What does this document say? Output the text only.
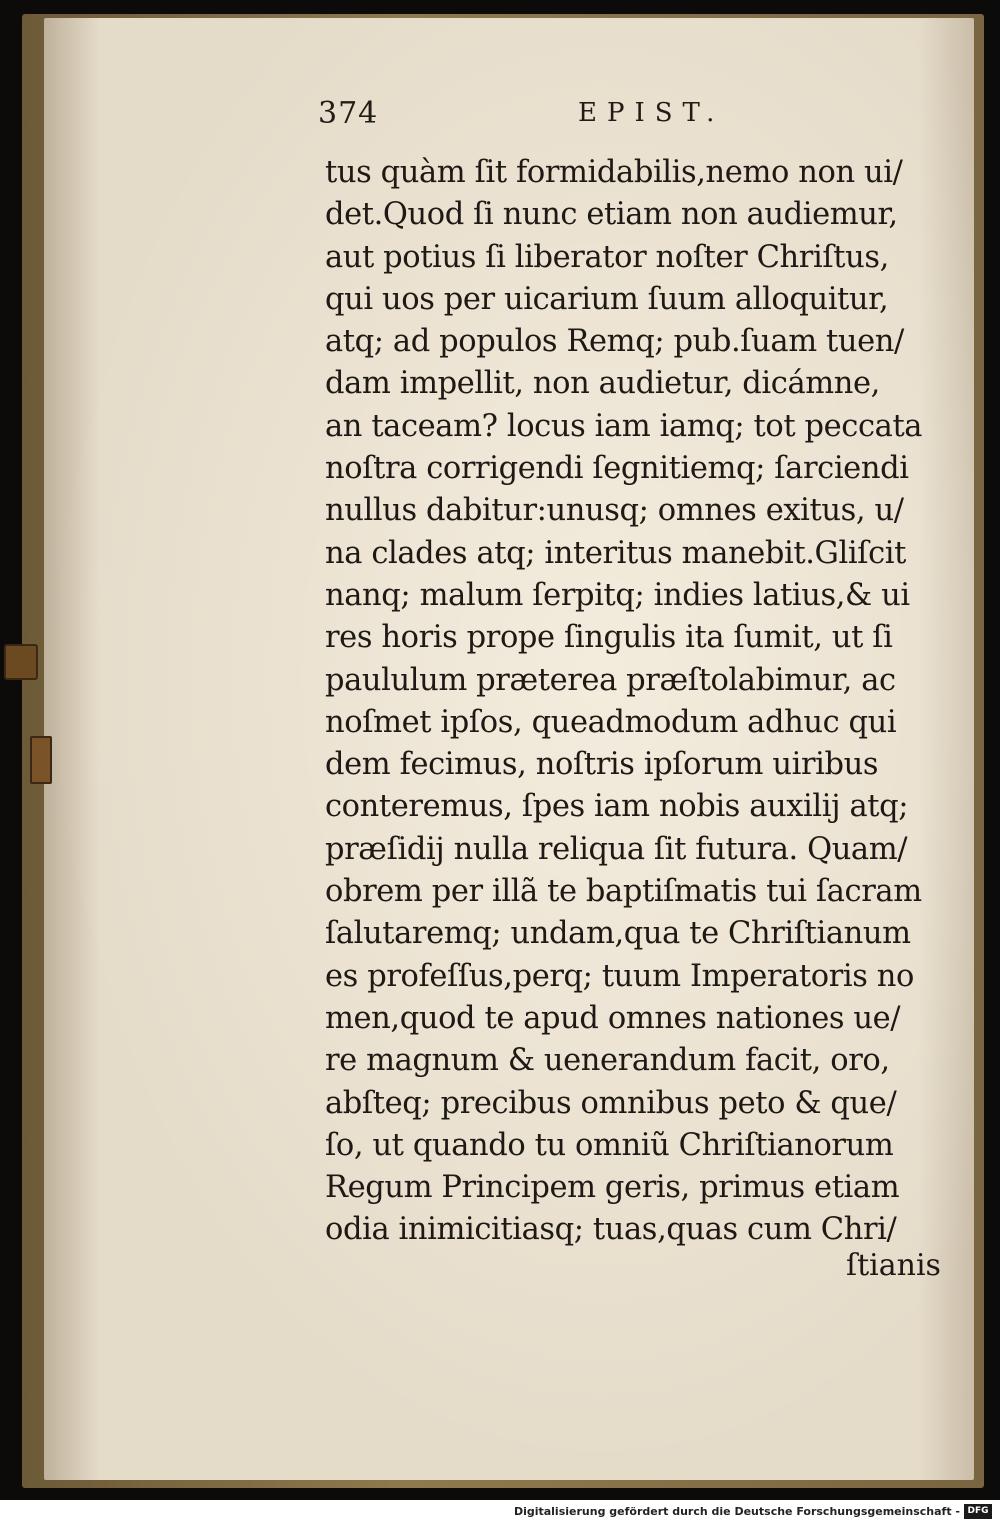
374	EPIST.
tus quàm ſit formidabilis,nemo non ui/
det.Quod ſi nunc etiam non audiemur,
aut potius ſi liberator noſter Chriſtus,
qui uos per uicarium ſuum alloquitur,
atq; ad populos Remq; pub.ſuam tuen/
dam impellit, non audietur, dicámne,
an taceam? locus iam iamq; tot peccata
noſtra corrigendi ſegnitiemq; ſarciendi
nullus dabitur:unusq; omnes exitus, u/
na clades atq; interitus manebit.Gliſcit
nanq; malum ſerpitq; indies latius,& ui
res horis prope ſingulis ita ſumit, ut ſi
paululum præterea præſtolabimur, ac
noſmet ipſos, queadmodum adhuc qui
dem fecimus, noſtris ipſorum uiribus
conteremus, ſpes iam nobis auxilij atq;
præſidij nulla reliqua ſit futura. Quam/
obrem per illã te baptiſmatis tui ſacram
ſalutaremq; undam,qua te Chriſtianum
es profeſſus,perq; tuum Imperatoris no
men,quod te apud omnes nationes ue/
re magnum & uenerandum facit, oro,
abſteq; precibus omnibus peto & que/
ſo, ut quando tu omniũ Chriſtianorum
Regum Principem geris, primus etiam
odia inimicitiasq; tuas,quas cum Chri/
ſtianis
Digitalisierung gefördert durch die Deutsche Forschungsgemeinschaft - DFG
